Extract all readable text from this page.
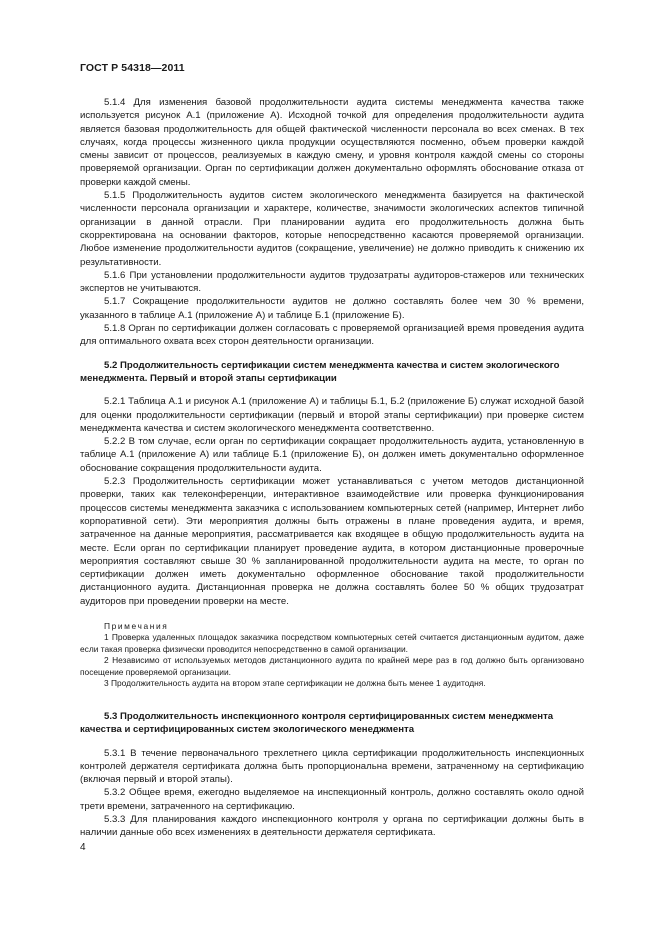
ГОСТ Р 54318—2011

5.1.4 Для изменения базовой продолжительности аудита системы менеджмента качества также используется рисунок А.1 (приложение А). Исходной точкой для определения продолжительности аудита является базовая продолжительность для общей фактической численности персонала во всех сменах. В тех случаях, когда процессы жизненного цикла продукции осуществляются посменно, объем проверки каждой смены зависит от процессов, реализуемых в каждую смену, и уровня контроля каждой смены со стороны проверяемой организации. Орган по сертификации должен документально оформлять обоснование отказа от проверки каждой смены.

5.1.5 Продолжительность аудитов систем экологического менеджмента базируется на фактической численности персонала организации и характере, количестве, значимости экологических аспектов типичной организации в данной отрасли. При планировании аудита его продолжительность должна быть скорректирована на основании факторов, которые непосредственно касаются проверяемой организации. Любое изменение продолжительности аудитов (сокращение, увеличение) не должно приводить к снижению их результативности.

5.1.6 При установлении продолжительности аудитов трудозатраты аудиторов-стажеров или технических экспертов не учитываются.

5.1.7 Сокращение продолжительности аудитов не должно составлять более чем 30 % времени, указанного в таблице А.1 (приложение А) и таблице Б.1 (приложение Б).

5.1.8 Орган по сертификации должен согласовать с проверяемой организацией время проведения аудита для оптимального охвата всех сторон деятельности организации.

5.2 Продолжительность сертификации систем менеджмента качества и систем экологического менеджмента. Первый и второй этапы сертификации

5.2.1 Таблица А.1 и рисунок А.1 (приложение А) и таблицы Б.1, Б.2 (приложение Б) служат исходной базой для оценки продолжительности сертификации (первый и второй этапы сертификации) при проверке систем менеджмента качества и систем экологического менеджмента соответственно.

5.2.2 В том случае, если орган по сертификации сокращает продолжительность аудита, установленную в таблице А.1 (приложение А) или таблице Б.1 (приложение Б), он должен иметь документально оформленное обоснование сокращения продолжительности аудита.

5.2.3 Продолжительность сертификации может устанавливаться с учетом методов дистанционной проверки, таких как телеконференции, интерактивное взаимодействие или проверка функционирования процессов системы менеджмента заказчика с использованием компьютерных сетей (например, Интернет либо корпоративной сети). Эти мероприятия должны быть отражены в плане проведения аудита, и время, затраченное на данные мероприятия, рассматривается как входящее в общую продолжительность аудита на месте. Если орган по сертификации планирует проведение аудита, в котором дистанционные проверочные мероприятия составляют свыше 30 % запланированной продолжительности аудита на месте, то орган по сертификации должен иметь документально оформленное обоснование такой продолжительности дистанционного аудита. Дистанционная проверка не должна составлять более 50 % общих трудозатрат аудиторов при проведении проверки на месте.

Примечания

1 Проверка удаленных площадок заказчика посредством компьютерных сетей считается дистанционным аудитом, даже если такая проверка физически проводится непосредственно в самой организации.

2 Независимо от используемых методов дистанционного аудита по крайней мере раз в год должно быть организовано посещение проверяемой организации.

3 Продолжительность аудита на втором этапе сертификации не должна быть менее 1 аудитодня.

5.3 Продолжительность инспекционного контроля сертифицированных систем менеджмента качества и сертифицированных систем экологического менеджмента

5.3.1 В течение первоначального трехлетнего цикла сертификации продолжительность инспекционных контролей держателя сертификата должна быть пропорциональна времени, затраченному на сертификацию (включая первый и второй этапы).

5.3.2 Общее время, ежегодно выделяемое на инспекционный контроль, должно составлять около одной трети времени, затраченного на сертификацию.

5.3.3 Для планирования каждого инспекционного контроля у органа по сертификации должны быть в наличии данные обо всех изменениях в деятельности держателя сертификата.

4
